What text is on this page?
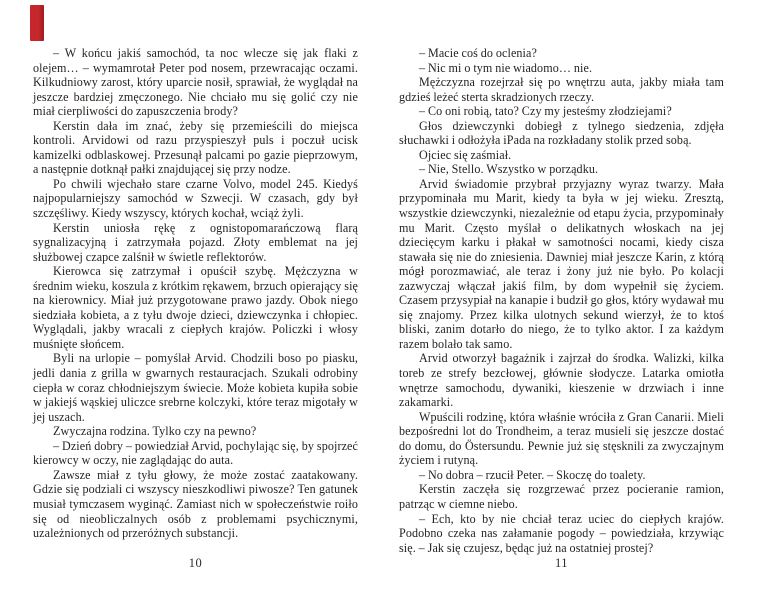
– W końcu jakiś samochód, ta noc wlecze się jak flaki z olejem… – wymamrotał Peter pod nosem, przewracając oczami. Kilkudniowy zarost, który uparcie nosił, sprawiał, że wyglądał na jeszcze bardziej zmęczonego. Nie chciało mu się golić czy nie miał cierpliwości do zapuszczenia brody?

Kerstin dała im znać, żeby się przemieścili do miejsca kontroli. Arvidowi od razu przyspieszył puls i poczuł ucisk kamizelki odblaskowej. Przesunął palcami po gazie pieprzowym, a następnie dotknął pałki znajdującej się przy nodze.

Po chwili wjechało stare czarne Volvo, model 245. Kiedyś najpopularniejszy samochód w Szwecji. W czasach, gdy był szczęśliwy. Kiedy wszyscy, których kochał, wciąż żyli.

Kerstin uniosła rękę z ognistopomarańczową flarą sygnalizacyjną i zatrzymała pojazd. Złoty emblemat na jej służbowej czapce zalśnił w świetle reflektorów.

Kierowca się zatrzymał i opuścił szybę. Mężczyzna w średnim wieku, koszula z krótkim rękawem, brzuch opierający się na kierownicy. Miał już przygotowane prawo jazdy. Obok niego siedziała kobieta, a z tyłu dwoje dzieci, dziewczynka i chłopiec. Wyglądali, jakby wracali z ciepłych krajów. Policzki i włosy muśnięte słońcem.

Byli na urlopie – pomyślał Arvid. Chodzili boso po piasku, jedli dania z grilla w gwarnych restauracjach. Szukali odrobiny ciepła w coraz chłodniejszym świecie. Może kobieta kupiła sobie w jakiejś wąskiej uliczce srebrne kolczyki, które teraz migotały w jej uszach.

Zwyczajna rodzina. Tylko czy na pewno?

– Dzień dobry – powiedział Arvid, pochylając się, by spojrzeć kierowcy w oczy, nie zaglądając do auta.

Zawsze miał z tyłu głowy, że może zostać zaatakowany. Gdzie się podziali ci wszyscy nieszkodliwi piwosze? Ten gatunek musiał tymczasem wyginąć. Zamiast nich w społeczeństwie roiło się od nieobliczalnych osób z problemami psychicznymi, uzależnionych od przeróżnych substancji.

– Macie coś do oclenia?

– Nic mi o tym nie wiadomo… nie.

Mężczyzna rozejrzał się po wnętrzu auta, jakby miała tam gdzieś leżeć sterta skradzionych rzeczy.

– Co oni robią, tato? Czy my jesteśmy złodziejami?

Głos dziewczynki dobiegł z tylnego siedzenia, zdjęła słuchawki i odłożyła iPada na rozkładany stolik przed sobą.

Ojciec się zaśmiał.

– Nie, Stello. Wszystko w porządku.

Arvid świadomie przybrał przyjazny wyraz twarzy. Mała przypominała mu Marit, kiedy ta była w jej wieku. Zresztą, wszystkie dziewczynki, niezależnie od etapu życia, przypominały mu Marit. Często myślał o delikatnych włoskach na jej dziecięcym karku i płakał w samotności nocami, kiedy cisza stawała się nie do zniesienia. Dawniej miał jeszcze Karin, z którą mógł porozmawiać, ale teraz i żony już nie było. Po kolacji zazwyczaj włączał jakiś film, by dom wypełnił się życiem. Czasem przysypiał na kanapie i budził go głos, który wydawał mu się znajomy. Przez kilka ulotnych sekund wierzył, że to ktoś bliski, zanim dotarło do niego, że to tylko aktor. I za każdym razem bolało tak samo.

Arvid otworzył bagażnik i zajrzał do środka. Walizki, kilka toreb ze strefy bezcłowej, głównie słodycze. Latarka omiotła wnętrze samochodu, dywaniki, kieszenie w drzwiach i inne zakamarki.

Wpuścili rodzinę, która właśnie wróciła z Gran Canarii. Mieli bezpośredni lot do Trondheim, a teraz musieli się jeszcze dostać do domu, do Östersundu. Pewnie już się stęsknili za zwyczajnym życiem i rutyną.

– No dobra – rzucił Peter. – Skoczę do toalety.

Kerstin zaczęła się rozgrzewać przez pocieranie ramion, patrząc w ciemne niebo.

– Ech, kto by nie chciał teraz uciec do ciepłych krajów. Podobno czeka nas załamanie pogody – powiedziała, krzywiąc się. – Jak się czujesz, będąc już na ostatniej prostej?

10	11
